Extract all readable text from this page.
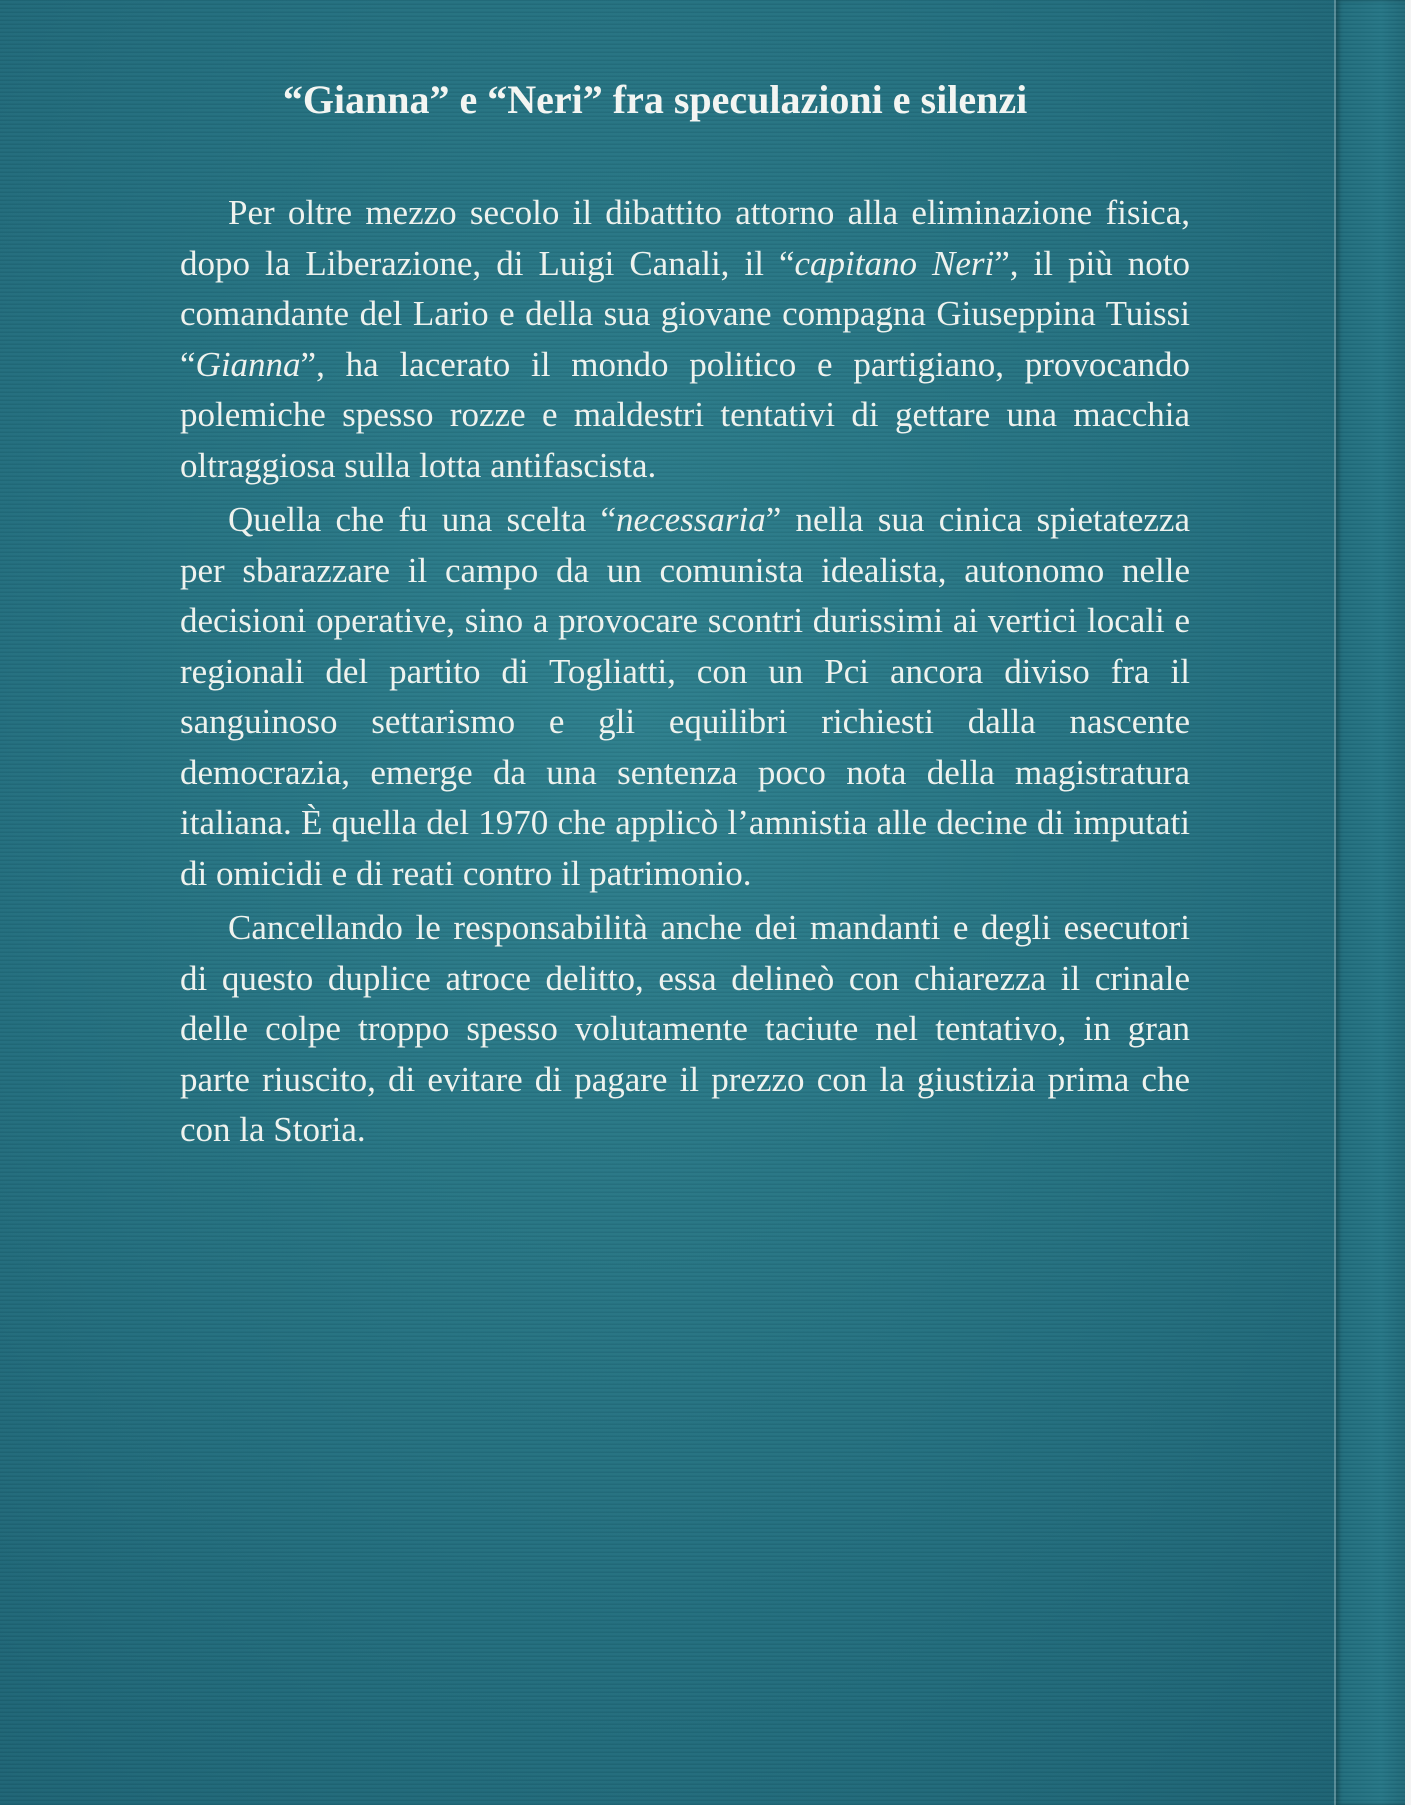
“Gianna” e “Neri” fra speculazioni e silenzi

Per oltre mezzo secolo il dibattito attorno alla eliminazione fisica, dopo la Liberazione, di Luigi Canali, il “capitano Neri”, il più noto comandante del Lario e della sua giovane compagna Giuseppina Tuissi “Gianna”, ha lacerato il mondo politico e partigiano, provocando polemiche spesso rozze e maldestri tentativi di gettare una macchia oltraggiosa sulla lotta antifascista.

Quella che fu una scelta “necessaria” nella sua cinica spietatezza per sbarazzare il campo da un comunista idealista, autonomo nelle decisioni operative, sino a provocare scontri durissimi ai vertici locali e regionali del partito di Togliatti, con un Pci ancora diviso fra il sanguinoso settarismo e gli equilibri richiesti dalla nascente democrazia, emerge da una sentenza poco nota della magistratura italiana. È quella del 1970 che applicò l’amnistia alle decine di imputati di omicidi e di reati contro il patrimonio.

Cancellando le responsabilità anche dei mandanti e degli esecutori di questo duplice atroce delitto, essa delineò con chiarezza il crinale delle colpe troppo spesso volutamente taciute nel tentativo, in gran parte riuscito, di evitare di pagare il prezzo con la giustizia prima che con la Storia.
